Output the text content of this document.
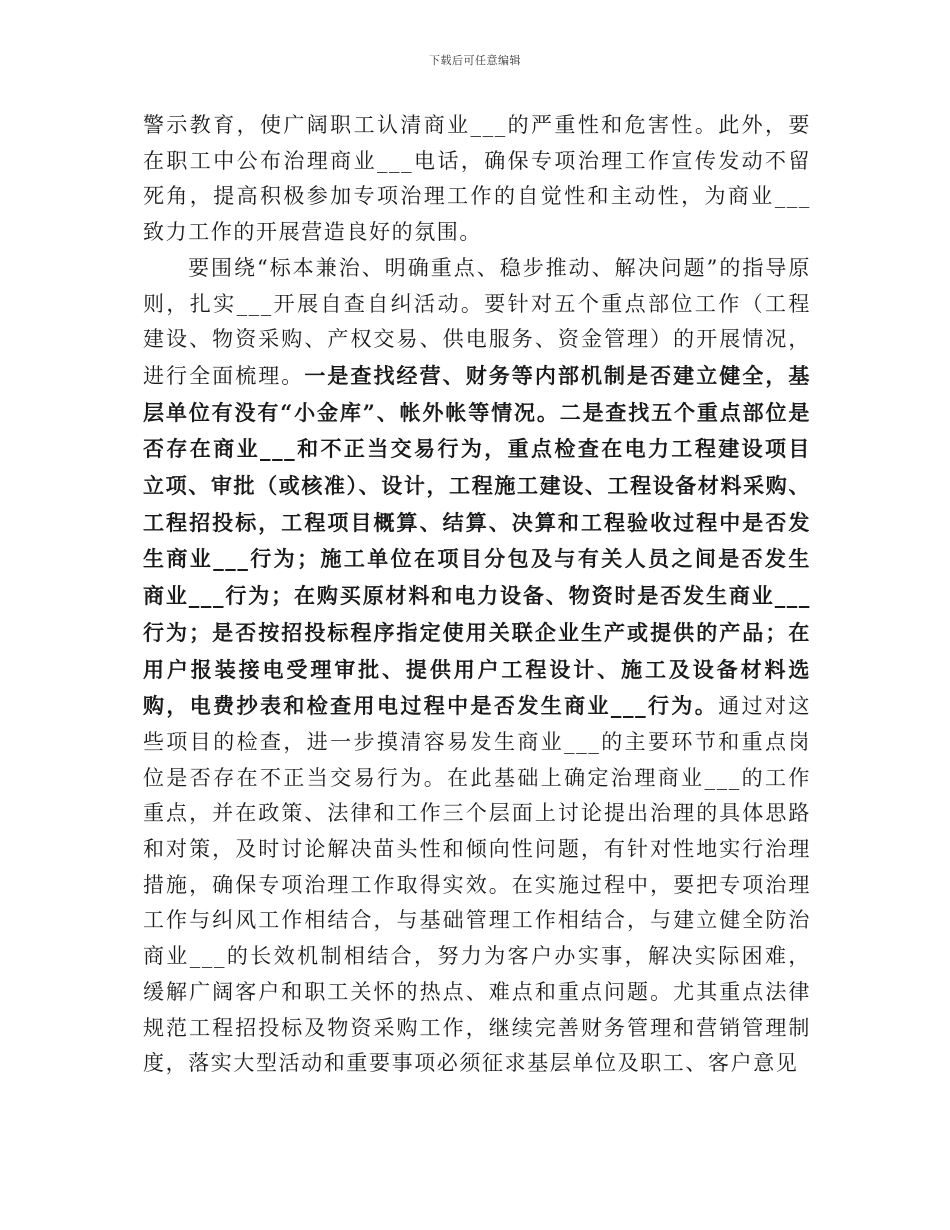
下载后可任意编辑

警示教育，使广阔职工认清商业___的严重性和危害性。此外，要在职工中公布治理商业___电话，确保专项治理工作宣传发动不留死角，提高积极参加专项治理工作的自觉性和主动性，为商业___致力工作的开展营造良好的氛围。

要围绕“标本兼治、明确重点、稳步推动、解决问题”的指导原则，扎实___开展自查自纠活动。要针对五个重点部位工作（工程建设、物资采购、产权交易、供电服务、资金管理）的开展情况，进行全面梳理。一是查找经营、财务等内部机制是否建立健全，基层单位有没有“小金库”、帐外帐等情况。二是查找五个重点部位是否存在商业___和不正当交易行为，重点检查在电力工程建设项目立项、审批（或核准）、设计，工程施工建设、工程设备材料采购、工程招投标，工程项目概算、结算、决算和工程验收过程中是否发生商业___行为；施工单位在项目分包及与有关人员之间是否发生商业___行为；在购买原材料和电力设备、物资时是否发生商业___行为；是否按招投标程序指定使用关联企业生产或提供的产品；在用户报装接电受理审批、提供用户工程设计、施工及设备材料选购，电费抄表和检查用电过程中是否发生商业___行为。通过对这些项目的检查，进一步摸清容易发生商业___的主要环节和重点岗位是否存在不正当交易行为。在此基础上确定治理商业___的工作重点，并在政策、法律和工作三个层面上讨论提出治理的具体思路和对策，及时讨论解决苗头性和倾向性问题，有针对性地实行治理措施，确保专项治理工作取得实效。在实施过程中，要把专项治理工作与纠风工作相结合，与基础管理工作相结合，与建立健全防治商业___的长效机制相结合，努力为客户办实事，解决实际困难，缓解广阔客户和职工关怀的热点、难点和重点问题。尤其重点法律规范工程招投标及物资采购工作，继续完善财务管理和营销管理制度，落实大型活动和重要事项必须征求基层单位及职工、客户意见
